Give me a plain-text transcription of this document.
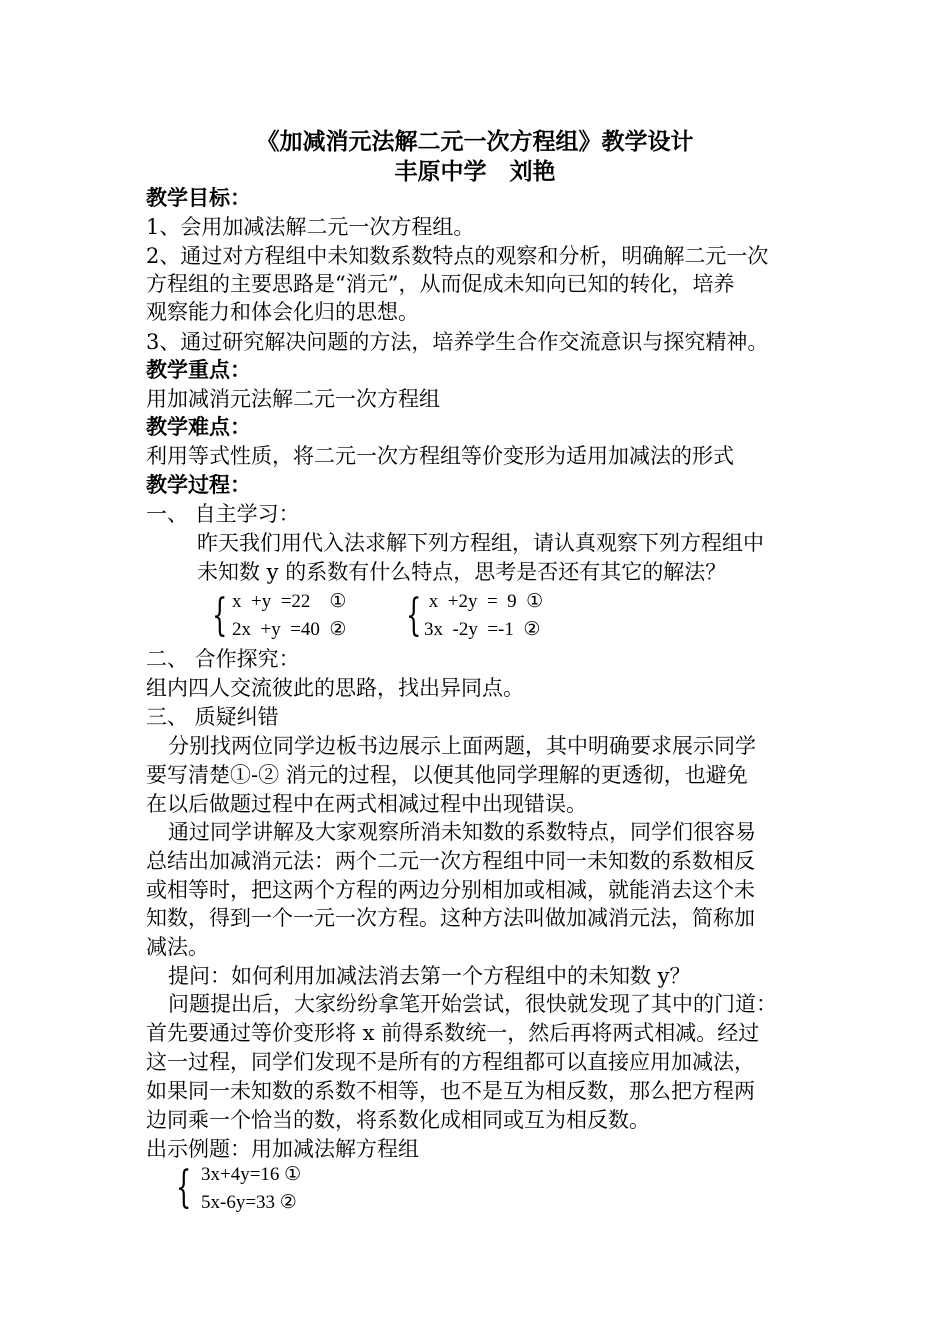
《加减消元法解二元一次方程组》教学设计
丰原中学　刘艳
教学目标：
1、会用加减法解二元一次方程组。
2、通过对方程组中未知数系数特点的观察和分析，明确解二元一次
方程组的主要思路是“消元”，从而促成未知向已知的转化，培养
观察能力和体会化归的思想。
3、通过研究解决问题的方法，培养学生合作交流意识与探究精神。
教学重点：
用加减消元法解二元一次方程组
教学难点：
利用等式性质，将二元一次方程组等价变形为适用加减法的形式
教学过程：
一、 自主学习：
昨天我们用代入法求解下列方程组，请认真观察下列方程组中
未知数 y 的系数有什么特点，思考是否还有其它的解法？
{ x  +y  =22    ①
2x  +y  =40  ② { x  +2y  =  9  ①
3x  -2y  =-1  ②
二、 合作探究：
组内四人交流彼此的思路，找出异同点。
三、 质疑纠错
分别找两位同学边板书边展示上面两题，其中明确要求展示同学
要写清楚①-② 消元的过程，以便其他同学理解的更透彻，也避免
在以后做题过程中在两式相减过程中出现错误。
通过同学讲解及大家观察所消未知数的系数特点，同学们很容易
总结出加减消元法：两个二元一次方程组中同一未知数的系数相反
或相等时，把这两个方程的两边分别相加或相减，就能消去这个未
知数，得到一个一元一次方程。这种方法叫做加减消元法，简称加
减法。
提问：如何利用加减法消去第一个方程组中的未知数 y？
问题提出后，大家纷纷拿笔开始尝试，很快就发现了其中的门道：
首先要通过等价变形将 x 前得系数统一，然后再将两式相减。经过
这一过程，同学们发现不是所有的方程组都可以直接应用加减法，
如果同一未知数的系数不相等，也不是互为相反数，那么把方程两
边同乘一个恰当的数，将系数化成相同或互为相反数。
出示例题：用加减法解方程组
{ 3x+4y=16 ①
5x-6y=33 ②
